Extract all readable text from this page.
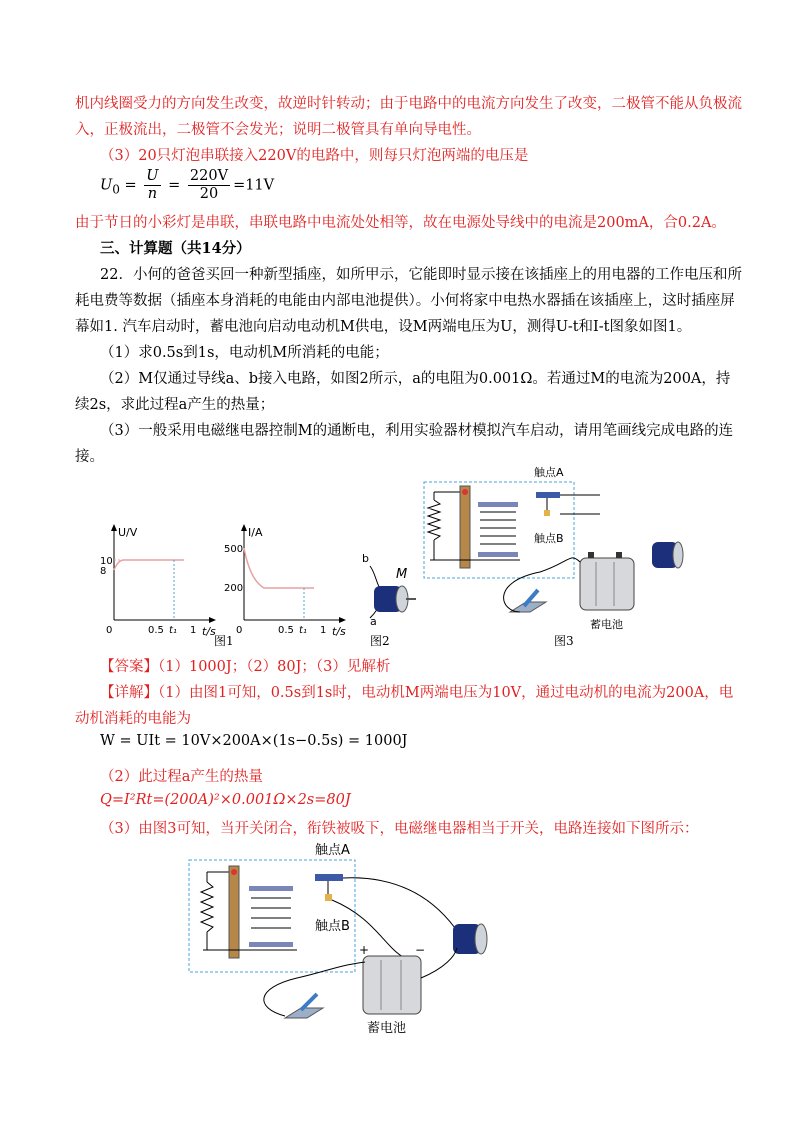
机内线圈受力的方向发生改变，故逆时针转动；由于电路中的电流方向发生了改变，二极管不能从负极流
入，正极流出，二极管不会发光；说明二极管具有单向导电性。
（3）20只灯泡串联接入220V的电路中，则每只灯泡两端的电压是
$U_0 = \frac{U}{n} = \frac{220V}{20} =11V$
由于节日的小彩灯是串联，串联电路中电流处处相等，故在电源处导线中的电流是200mA，合0.2A。
三、计算题（共14分）
22．小何的爸爸买回一种新型插座，如所甲示，它能即时显示接在该插座上的用电器的工作电压和所
耗电费等数据（插座本身消耗的电能由内部电池提供）。小何将家中电热水器插在该插座上，这时插座屏
幕如1. 汽车启动时，蓄电池向启动电动机M供电，设M两端电压为U，测得U-t和I-t图象如图1。
（1）求0.5s到1s，电动机M所消耗的电能；
（2）M仅通过导线a、b接入电路，如图2所示，a的电阻为0.001Ω。若通过M的电流为200A，持
续2s，求此过程a产生的热量；
（3）一般采用电磁继电器控制M的通断电，利用实验器材模拟汽车启动，请用笔画线完成电路的连
接。
U/V
t/s
10
8
0	0.5 t₁ 1
I/A
t/s
500
200
0	0.5 t₁ 1
图1
b
M
a
图2
触点A
触点B
蓄电池
图3
【答案】（1）1000J；（2）80J；（3）见解析
【详解】（1）由图1可知，0.5s到1s时，电动机M两端电压为10V，通过电动机的电流为200A，电
动机消耗的电能为
W = UIt = 10V×200A×(1s−0.5s) = 1000J
（2）此过程a产生的热量
Q=I²Rt=(200A)²×0.001Ω×2s=80J
（3）由图3可知，当开关闭合，衔铁被吸下，电磁继电器相当于开关，电路连接如下图所示：
触点A
触点B
+	−
蓄电池
